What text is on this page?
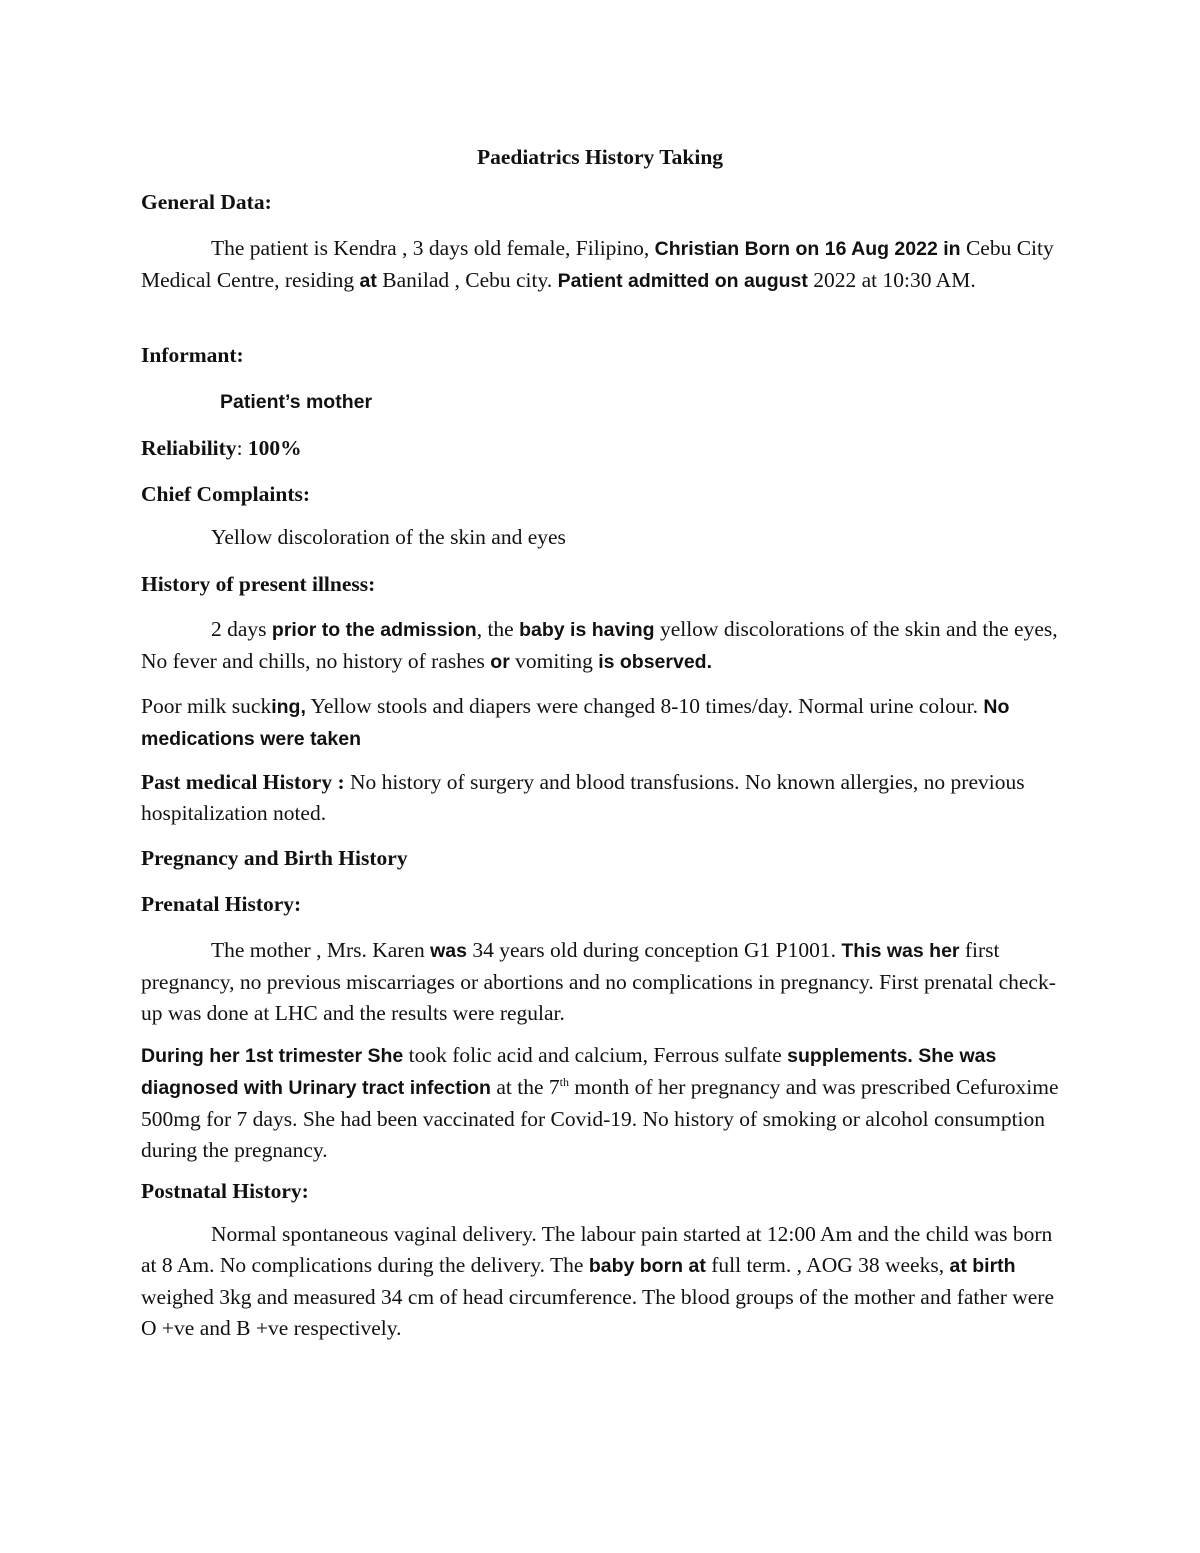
Paediatrics History Taking

General Data:

The patient is Kendra , 3 days old female, Filipino, Christian Born on 16 Aug 2022 in Cebu City Medical Centre, residing at Banilad , Cebu city. Patient admitted on august 2022 at 10:30 AM.

Informant:

Patient’s mother

Reliability: 100%

Chief Complaints:

Yellow discoloration of the skin and eyes

History of present illness:

2 days prior to the admission, the baby is having yellow discolorations of the skin and the eyes, No fever and chills, no history of rashes or vomiting is observed.

Poor milk sucking, Yellow stools and diapers were changed 8-10 times/day. Normal urine colour. No medications were taken

Past medical History : No history of surgery and blood transfusions. No known allergies, no previous hospitalization noted.

Pregnancy and Birth History

Prenatal History:

The mother , Mrs. Karen was 34 years old during conception G1 P1001. This was her first pregnancy, no previous miscarriages or abortions and no complications in pregnancy. First prenatal check-up was done at LHC and the results were regular.

During her 1st trimester She took folic acid and calcium, Ferrous sulfate supplements. She was diagnosed with Urinary tract infection at the 7th month of her pregnancy and was prescribed Cefuroxime 500mg for 7 days. She had been vaccinated for Covid-19. No history of smoking or alcohol consumption during the pregnancy.

Postnatal History:

Normal spontaneous vaginal delivery. The labour pain started at 12:00 Am and the child was born at 8 Am. No complications during the delivery. The baby born at full term. , AOG 38 weeks, at birth weighed 3kg and measured 34 cm of head circumference. The blood groups of the mother and father were O +ve and B +ve respectively.
